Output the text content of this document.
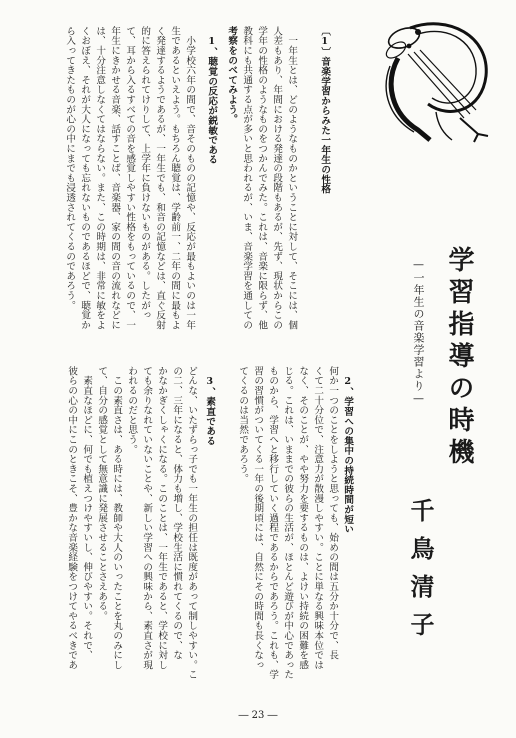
〔1〕音楽学習からみた一年生の性格
　一年生とは、どのようなものかということに対して、そこには、個
人差もあり、年間における発達の段階もあるが、先ず、現状からこの
学年の性格のようなものをつかんでみた。これは、音楽に限らず、他
教科にも共通する点が多いと思われるが、いま、音楽学習を通しての
考察をのべてみよう。
　1、聴覚の反応が鋭敏である
　小学校六年の間で、音そのものの記憶や、反応が最もよいのは一年
生であるといえよう。もちろん聴覚は、学齢前一、二年の間に最もよ
く発達するようであるが、一年生でも、和音の記憶などは、直ぐ反射
的に答えられてけりして、上学年に負けないものがある。したがっ
て、耳から入るすべての音を感覚しやすい性格をもっているので、一
年生にきかせる音楽、話すことば、音楽器、家の間の音の流れなどに
は、十分注意しなくてはならない。また、この時期は、非常に敏をよ
くおぼえ、それが大人になっても忘れないものであるほどで、聴覚か
ら入ってきたものが心の中にまでも浸透されてくるのであろう。
学習指導の時機
—一年生の音楽学習より—
千鳥清子
　2、学習への集中の持続時間が短い
何か一つのことをしようと思っても、始めの間は五分か十分で、長
くて二十分位で、注意力が散漫しやすい。ことに単なる興味本位では
なく、そのことが、やや努力を要するものは、よけい持続の困難を感
じる。これは、いままでの彼らの生活が、ほとんど遊びが中心であった
ものから、学習へと移行していく過程であるからであろう。これも、学
習の習慣がついてくる一年の後期頃には、自然にその時間も長くなっ
てくるのは当然であろう。
　3、素直である
どんな、いたずらっ子でも一年生の担任は既度があって制しやすい。こ
の二、三年になると、体力も増し、学校生活に慣れてくるので、な
かなかぎくしゃくになる。このことは、一年生であると、学校に対し
ても余りなれていないことや、新しい学習への興味から、素直さが現
われるのだと思う。
　この素直さは、ある時には、教師や大人のいったことを丸のみにし
て、自分の感覚として無意識に発展させることさえある。
　素直なほどに、何でも植えつけやすいし、伸びやすい。それで、
彼らの心の中にこのときこそ、豊かな音楽経験をつけてやるべきであ
― 23 ―
